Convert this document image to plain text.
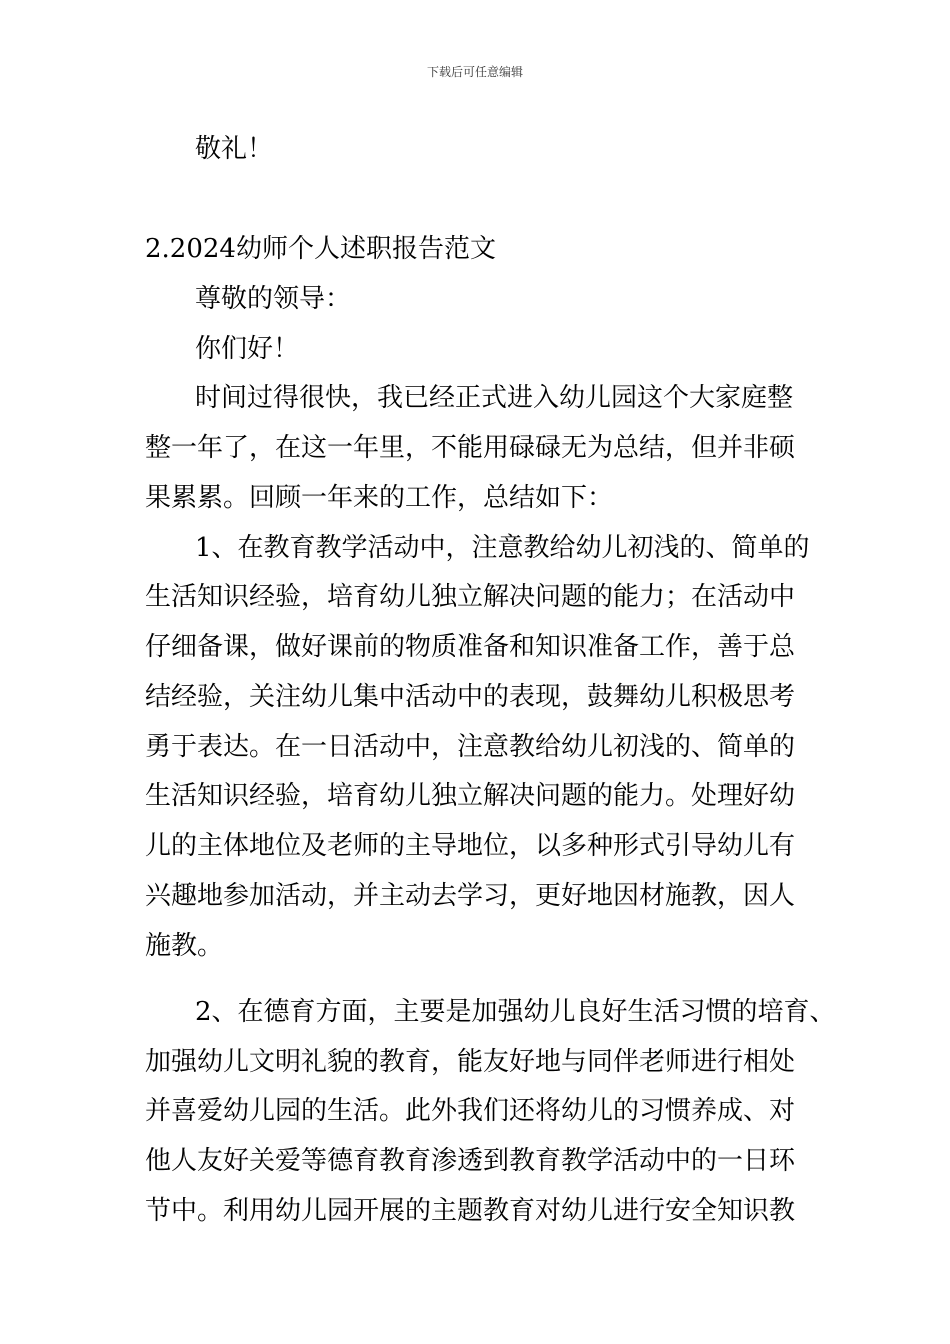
下载后可任意编辑
敬礼！
2.2024幼师个人述职报告范文
尊敬的领导：
你们好！
时间过得很快，我已经正式进入幼儿园这个大家庭整
整一年了，在这一年里，不能用碌碌无为总结，但并非硕
果累累。回顾一年来的工作，总结如下：
1、在教育教学活动中，注意教给幼儿初浅的、简单的
生活知识经验，培育幼儿独立解决问题的能力；在活动中
仔细备课，做好课前的物质准备和知识准备工作，善于总
结经验，关注幼儿集中活动中的表现，鼓舞幼儿积极思考
勇于表达。在一日活动中，注意教给幼儿初浅的、简单的
生活知识经验，培育幼儿独立解决问题的能力。处理好幼
儿的主体地位及老师的主导地位，以多种形式引导幼儿有
兴趣地参加活动，并主动去学习，更好地因材施教，因人
施教。
2、在德育方面，主要是加强幼儿良好生活习惯的培育、
加强幼儿文明礼貌的教育，能友好地与同伴老师进行相处
并喜爱幼儿园的生活。此外我们还将幼儿的习惯养成、对
他人友好关爱等德育教育渗透到教育教学活动中的一日环
节中。利用幼儿园开展的主题教育对幼儿进行安全知识教
